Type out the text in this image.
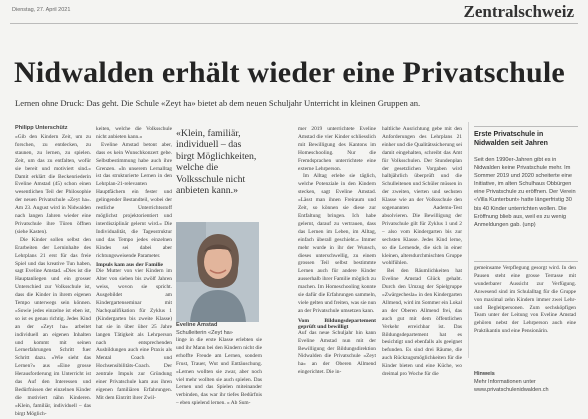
Dienstag, 27. April 2021	Zentralschweiz
Nidwalden erhält wieder eine Privatschule
Lernen ohne Druck: Das geht. Die Schule «Zeyt ha» bietet ab dem neuen Schuljahr Unterricht in kleinen Gruppen an.
Philipp Unterschütz

«Gib den Kindern Zeit, um zu forschen, zu entdecken, zu staunen, zu lernen, zu spielen. Zeit, um das zu entfalten, wofür sie bereit und motiviert sind.» Damit erklärt die Beckenriederin Eveline Amstad (45) schon einen wesentlichen Teil der Philosophie der neuen Privatschule «Zeyt ha». Am 23. August wird in Nidwalden nach langen Jahren wieder eine Privatschule ihre Türen öffnen (siehe Kasten).

Die Kinder sollen selbst den Erarbeiten der Lerninhalte des Lehrplans 21 erst für das freie Spiel und das kreative Tun haben, sagt Eveline Amstad. «Dies ist die Hauptanliegen und ein grosser Unterschied zur Volksschule ist, dass die Kinder in ihrem eigenen Tempo unterwegs sein können. «Sowie jedes einzelne ist eben ist, so ist es genau richtig. Jedes Kind an der «Zeyt ha» arbeitet individuell an eigenen Inhalten und kommt mit seinen Lernerfahrungen Schritt fuer Schritt dazu. «Wie sieht das Lernen?» aus «Eine grosse Herausforderung im Unterricht ist das Auf den Interessen und Bedürfnissen der einzelnen Kinder die motiviert nähn Kinderen. «Klein, familiär, individuell – das birgt Möglich-

keiten, welche die Volksschule nicht anbieten kann.»

Eveline Amstad betont aber, dass es kein Wunschkonzert gebe. Selbstbestimmung habe auch ihre Grenzen. «In unserem Lernalltag ist das strukturierte Lernen in den Lehrplan-21-relevanten Hauptfächern ein fester und gelingender Bestandteil, wobei der restliche Unterrichtsstoff möglichst projektorientiert und interdisziplinär gelernt wird.» Die Individualität, die Tagesstruktur und das Tempo jedes einzelnen Kindes sei dabei aber richtungsweisende Parameter.

Impuls kam aus der Familie

Die Mutter von vier Kindern im Alter von sieben bis zwölf Jahren weiss, wovon sie spricht. Ausgebildet am Kindergartenseminar mit Nachqualifikation für Zyklus 1 (Kindergarten bis zweite Klasse) hat sie in über über 25 Jahre langen Tätigkeit als Lehrperson nach entsprechenden Ausbildungen auch eine Praxis als Mental Coach und Hochsensibilitäts-Coach. Der zentrale Impuls zur Gründung einer Privatschule kam aus ihren eigenen familiären Erfahrungen. Mit dem Eintritt ihrer Zwil-

«Klein, familiär, individuell – das birgt Möglichkeiten, welche die Volksschule nicht anbieten kann.»
Eveline Amstad
Schulleiterin «Zeyt ha»

linge in die erste Klasse erlebten sie und ihr Mann bei den Kindern nicht die erhoffte Freude am Lernen, sondern Frust, Trauer, Wut und Enttäuschung. «Lernen wollten sie zwar, aber noch viel mehr wollten sie auch spielen. Das Lernen und das Spielen miteinander verbinden, das war ihr tiefes Bedürfnis – eben spielend lernen. » Ab Sum-

mer 2019 unterrichtete Eveline Amstad die vier Kinder schliesslich mit Bewilligung des Kantons im Homeschooling. Nur die Fremdsprachen unterrichtete eine externe Lehrperson.

Im Alltag erlebe sie täglich, welche Potenziale in den Kindern stecken, sagt Eveline Amstad. «Lässt man ihnen Freiraum und Zeit, so können sie diese zur Entfaltung bringen. Ich habe gelernt, darauf zu vertrauen, dass das Lernen im Leben, im Alltag, einfach überall geschieht.» Immer mehr wurde in ihr der Wunsch, dieses unterschwellig, zu einem grossen Teil selbst bestimmte Lernen auch für andere Kinder ausserhalb ihrer Familie möglich zu machen. Im Homeschooling konnte sie dafür die Erfahrungen sammeln, viele gelten und freiten, was sie nun an der Privatschule umsetzen kann.

Vom Bildungsdepartement geprüft und bewilligt

Auf das neue Schuljahr hin kann Eveline Amstad nun mit der Bewilligung der Bildungsdirektion Nidwalden die Privatschule «Zeyt ha» an der Oberen Allmend eingerichtet. Die in-

haltliche Ausrichtung gebe mit den Anforderungen des Lehrplans 21 einher und die Qualitätssicherung sei damit eingehalten, schreibt das Amt für Volksschulen. Der Stundenplan der gesetzlichen Vorgaben wird halbjährlich überprüft und die Schulleitenen und Schüler müssen in der zweiten, vierten und sechsten Klasse wie an der Volksschule den sogenannten Aademu-Test absolvieren. Die Bewilligung der Privatschule gilt für Zyklus 1 und 2 – also vom Kindergarten bis zur sechsten Klasse. Jedes Kind lerne, so die Lernende, die sich in einer kleinen, altersdurchmischten Gruppe wohlfühlen.

Bei den Räumlichkeiten hat Eveline Amstad Glück gehabt. Durch den Umzug der Spielgruppe «Zwärgechesla» in den Kindergarten Allmend, wird im Sommer ein Lokal an der Oberen Allmend frei, das auch gut mit dem öffentlichen Verkehr erreichbar ist. Das Bildungsdepartement hat es besichtigt und ebenfalls als geeignet befunden. Es sind drei Räume, die auch Rückzugsmöglichkeiten für die Kinder bieten und eine Küche, wo dreimal pro Woche für die

Erste Privatschule in Nidwalden seit Jahren
Seit den 1990er-Jahren gibt es in Nidwalden keine Privatschule mehr. Im Sommer 2019 und 2020 scheiterte eine Initiative, im alten Schulhaus Obbürgen eine Privatschule zu eröffnen. Der Verein «Villa Kunterbunt» hatte längerfristig 30 bis 40 Kinder unterrichten wollen. Die Eröffnung blieb aus, weil es zu wenig Anmeldungen gab. (unp)
gemeinsame Verpflegung gesorgt wird. In den Pausen steht eine grosse Terrasse mit wunderbarer Aussicht zur Verfügung. Anwesend sind im Schulalltag für die Gruppe von maximal zehn Kindern immer zwei Lehr- und Begleitpersonen. Zum sechsköpfigen Team unter der Leitung von Eveline Amstad gehören nebst der Lehrperson auch eine Praktikantin und eine Pensionärin.
Hinweis
Mehr Informationen unter www.privatschulenidwalden.ch
